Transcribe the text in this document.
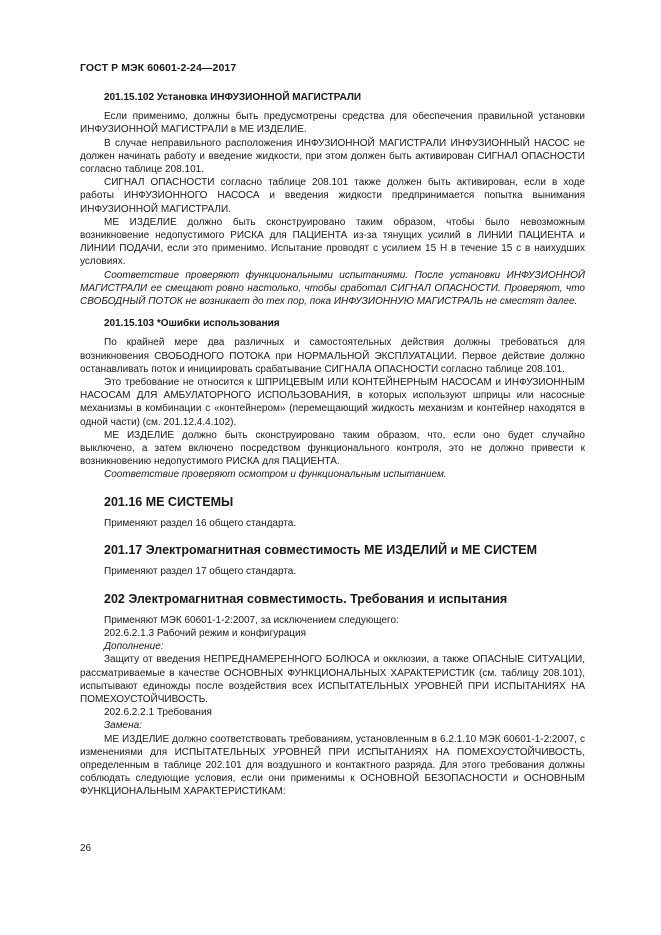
ГОСТ Р МЭК 60601-2-24—2017
201.15.102 Установка ИНФУЗИОННОЙ МАГИСТРАЛИ

Если применимо, должны быть предусмотрены средства для обеспечения правильной установки ИНФУЗИОННОЙ МАГИСТРАЛИ в МЕ ИЗДЕЛИЕ.

В случае неправильного расположения ИНФУЗИОННОЙ МАГИСТРАЛИ ИНФУЗИОННЫЙ НАСОС не должен начинать работу и введение жидкости, при этом должен быть активирован СИГНАЛ ОПАСНОСТИ согласно таблице 208.101.

СИГНАЛ ОПАСНОСТИ согласно таблице 208.101 также должен быть активирован, если в ходе работы ИНФУЗИОННОГО НАСОСА и введения жидкости предпринимается попытка вынимания ИНФУЗИОННОЙ МАГИСТРАЛИ.

МЕ ИЗДЕЛИЕ должно быть сконструировано таким образом, чтобы было невозможным возникновение недопустимого РИСКА для ПАЦИЕНТА из-за тянущих усилий в ЛИНИИ ПАЦИЕНТА и ЛИНИИ ПОДАЧИ, если это применимо. Испытание проводят с усилием 15 Н в течение 15 с в наихудших условиях.

Соответствие проверяют функциональными испытаниями. После установки ИНФУЗИОННОЙ МАГИСТРАЛИ ее смещают ровно настолько, чтобы сработал СИГНАЛ ОПАСНОСТИ. Проверяют, что СВОБОДНЫЙ ПОТОК не возникает до тех пор, пока ИНФУЗИОННУЮ МАГИСТРАЛЬ не сместят далее.

201.15.103 *Ошибки использования

По крайней мере два различных и самостоятельных действия должны требоваться для возникновения СВОБОДНОГО ПОТОКА при НОРМАЛЬНОЙ ЭКСПЛУАТАЦИИ. Первое действие должно останавливать поток и инициировать срабатывание СИГНАЛА ОПАСНОСТИ согласно таблице 208.101.

Это требование не относится к ШПРИЦЕВЫМ ИЛИ КОНТЕЙНЕРНЫМ НАСОСАМ и ИНФУЗИОННЫМ НАСОСАМ ДЛЯ АМБУЛАТОРНОГО ИСПОЛЬЗОВАНИЯ, в которых используют шприцы или насосные механизмы в комбинации с «контейнером» (перемещающий жидкость механизм и контейнер находятся в одной части) (см. 201.12.4.4.102).

МЕ ИЗДЕЛИЕ должно быть сконструировано таким образом, что, если оно будет случайно выключено, а затем включено посредством функционального контроля, это не должно привести к возникновению недопустимого РИСКА для ПАЦИЕНТА.

Соответствие проверяют осмотром и функциональным испытанием.

201.16 МЕ СИСТЕМЫ

Применяют раздел 16 общего стандарта.

201.17 Электромагнитная совместимость МЕ ИЗДЕЛИЙ и МЕ СИСТЕМ

Применяют раздел 17 общего стандарта.

202 Электромагнитная совместимость. Требования и испытания

Применяют МЭК 60601-1-2:2007, за исключением следующего:

202.6.2.1.3 Рабочий режим и конфигурация

Дополнение:

Защиту от введения НЕПРЕДНАМЕРЕННОГО БОЛЮСА и окклюзии, а также ОПАСНЫЕ СИТУАЦИИ, рассматриваемые в качестве ОСНОВНЫХ ФУНКЦИОНАЛЬНЫХ ХАРАКТЕРИСТИК (см. таблицу 208.101), испытывают единожды после воздействия всех ИСПЫТАТЕЛЬНЫХ УРОВНЕЙ ПРИ ИСПЫТАНИЯХ НА ПОМЕХОУСТОЙЧИВОСТЬ.

202.6.2.2.1 Требования

Замена:

МЕ ИЗДЕЛИЕ должно соответствовать требованиям, установленным в 6.2.1.10 МЭК 60601-1-2:2007, с изменениями для ИСПЫТАТЕЛЬНЫХ УРОВНЕЙ ПРИ ИСПЫТАНИЯХ НА ПОМЕХОУСТОЙЧИВОСТЬ, определенным в таблице 202.101 для воздушного и контактного разряда. Для этого требования должны соблюдать следующие условия, если они применимы к ОСНОВНОЙ БЕЗОПАСНОСТИ и ОСНОВНЫМ ФУНКЦИОНАЛЬНЫМ ХАРАКТЕРИСТИКАМ:

26
